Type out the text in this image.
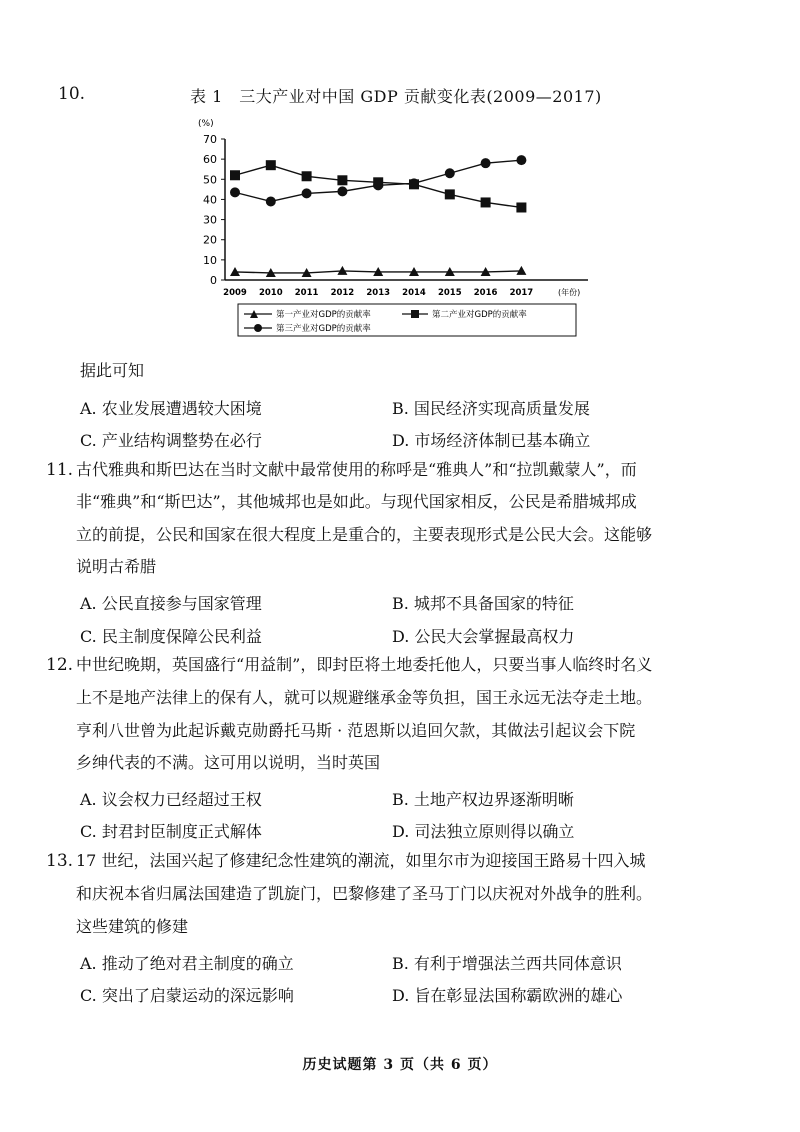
10.	表 1　三大产业对中国 GDP 贡献变化表(2009—2017)
(%)
0
10
20
30
40
50
60
70
2009 2010 2011 2012 2013 2014 2015 2016 2017	(年份)
第一产业对GDP的贡献率	第二产业对GDP的贡献率
第三产业对GDP的贡献率
据此可知
A. 农业发展遭遇较大困境	B. 国民经济实现高质量发展
C. 产业结构调整势在必行	D. 市场经济体制已基本确立
11. 古代雅典和斯巴达在当时文献中最常使用的称呼是“雅典人”和“拉凯戴蒙人”，而
非“雅典”和“斯巴达”，其他城邦也是如此。与现代国家相反，公民是希腊城邦成
立的前提，公民和国家在很大程度上是重合的，主要表现形式是公民大会。这能够
说明古希腊
A. 公民直接参与国家管理	B. 城邦不具备国家的特征
C. 民主制度保障公民利益	D. 公民大会掌握最高权力
12. 中世纪晚期，英国盛行“用益制”，即封臣将土地委托他人，只要当事人临终时名义
上不是地产法律上的保有人，就可以规避继承金等负担，国王永远无法夺走土地。
亨利八世曾为此起诉戴克勋爵托马斯 · 范恩斯以追回欠款，其做法引起议会下院
乡绅代表的不满。这可用以说明，当时英国
A. 议会权力已经超过王权	B. 土地产权边界逐渐明晰
C. 封君封臣制度正式解体	D. 司法独立原则得以确立
13. 17 世纪，法国兴起了修建纪念性建筑的潮流，如里尔市为迎接国王路易十四入城
和庆祝本省归属法国建造了凯旋门，巴黎修建了圣马丁门以庆祝对外战争的胜利。
这些建筑的修建
A. 推动了绝对君主制度的确立	B. 有利于增强法兰西共同体意识
C. 突出了启蒙运动的深远影响	D. 旨在彰显法国称霸欧洲的雄心
历史试题第 3 页（共 6 页）
